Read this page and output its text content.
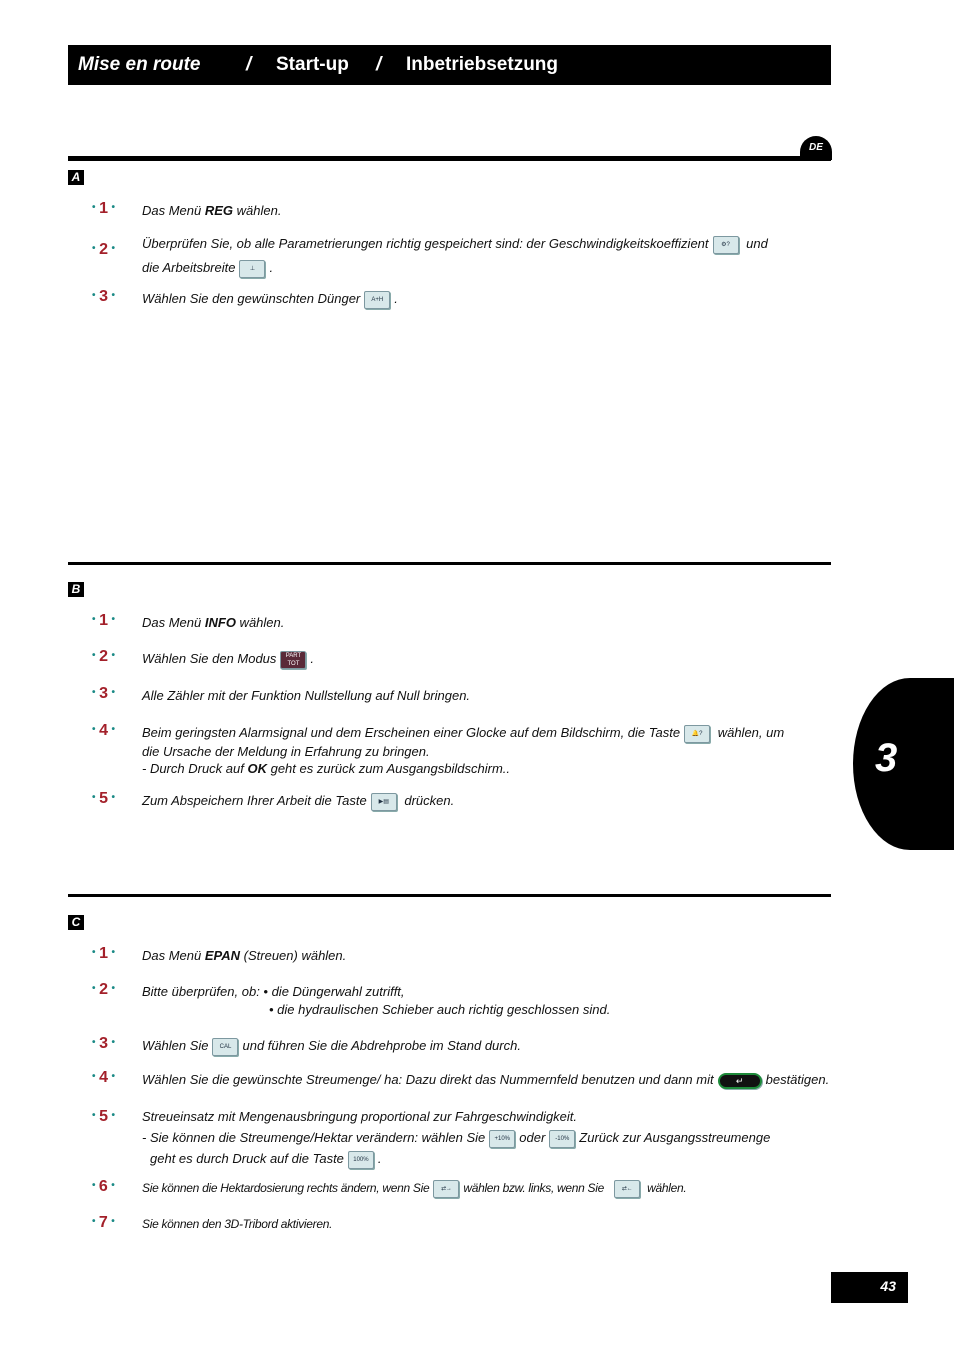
Mise en route / Start-up / Inbetriebsetzung
DE
A
• 1 •	Das Menü REG wählen.
• 2 •	Überprüfen Sie, ob alle Parametrierungen richtig gespeichert sind: der Geschwindigkeitskoeffizient ⚙? und
die Arbeitsbreite ⊥ .
• 3 •	Wählen Sie den gewünschten Dünger A+H .
B
• 1 •	Das Menü INFO wählen.
• 2 •	Wählen Sie den Modus PART
TOT .
• 3 •	Alle Zähler mit der Funktion Nullstellung auf Null bringen.
• 4 •	Beim geringsten Alarmsignal und dem Erscheinen einer Glocke auf dem Bildschirm, die Taste 🔔? wählen, um
die Ursache der Meldung in Erfahrung zu bringen.
- Durch Druck auf OK geht es zurück zum Ausgangsbildschirm..
• 5 •	Zum Abspeichern Ihrer Arbeit die Taste ▶▤ drücken.
3
C
• 1 •	Das Menü EPAN (Streuen) wählen.
• 2 •	Bitte überprüfen, ob: • die Düngerwahl zutrifft,
• die hydraulischen Schieber auch richtig geschlossen sind.
• 3 •	Wählen Sie CAL und führen Sie die Abdrehprobe im Stand durch.
• 4 •	Wählen Sie die gewünschte Streumenge/ ha: Dazu direkt das Nummernfeld benutzen und dann mit ↵ bestätigen.
• 5 •	Streueinsatz mit Mengenausbringung proportional zur Fahrgeschwindigkeit.
- Sie können die Streumenge/Hektar verändern: wählen Sie +10% oder -10% Zurück zur Ausgangsstreumenge
geht es durch Druck auf die Taste 100% .
• 6 •	Sie können die Hektardosierung rechts ändern, wenn Sie ⇄→ wählen bzw. links, wenn Sie	⇄← wählen.
• 7 •	Sie können den 3D-Tribord aktivieren.
43
